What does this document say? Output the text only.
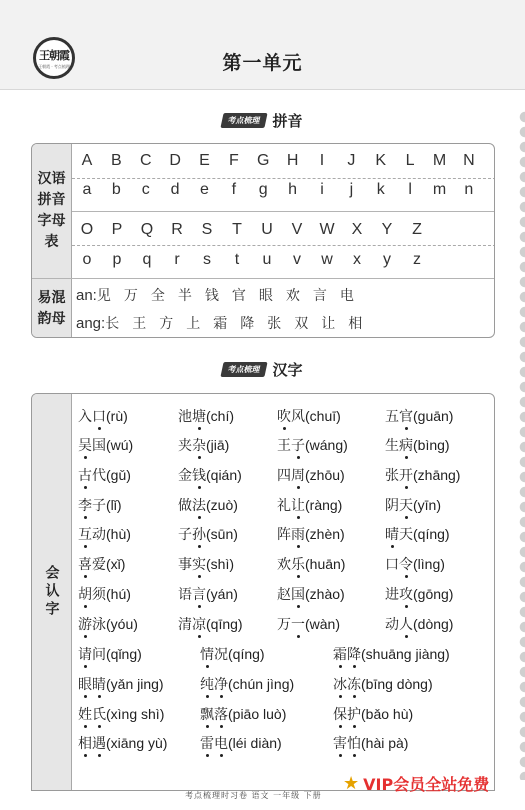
王朝霞
王朝霞 · 考点梳理	第一单元
考点梳理 拼音
汉语拼音字母表
易混韵母
A	B	C	D	E	F	G	H	I	J	K	L	M	N
a	b	c	d	e	f	g	h	i	j	k	l	m	n
O	P	Q	R	S	T	U	V	W	X	Y	Z
o	p	q	r	s	t	u	v	w	x	y	z
an:见万全半钱官眼欢言电
ang:长王方上霜降张双让相
考点梳理 汉字
会认字
入口(rù)	池塘(chí)	吹风(chuī)	五官(guān)
吴国(wú)	夹杂(jiā)	王子(wáng)	生病(bìng)
古代(gǔ)	金钱(qián)	四周(zhōu)	张开(zhāng)
李子(lǐ)	做法(zuò)	礼让(ràng)	阴天(yīn)
互动(hù)	子孙(sūn)	阵雨(zhèn)	晴天(qíng)
喜爱(xǐ)	事实(shì)	欢乐(huān)	口令(lìng)
胡须(hú)	语言(yán)	赵国(zhào)	进攻(gōng)
游泳(yóu)	清凉(qīng) 万一(wàn)	动人(dòng)
请问(qǐng)	情况(qíng)	霜降(shuāng jiàng)
眼睛(yǎn jing)	纯净(chún jìng)	冰冻(bīng dòng)
姓氏(xìng shì)	飘落(piāo luò)	保护(bǎo hù)
相遇(xiāng yù) 雷电(léi diàn)	害怕(hài pà)
考点梳理时习卷 语文 一年级 下册
★ VIP会员全站免费
